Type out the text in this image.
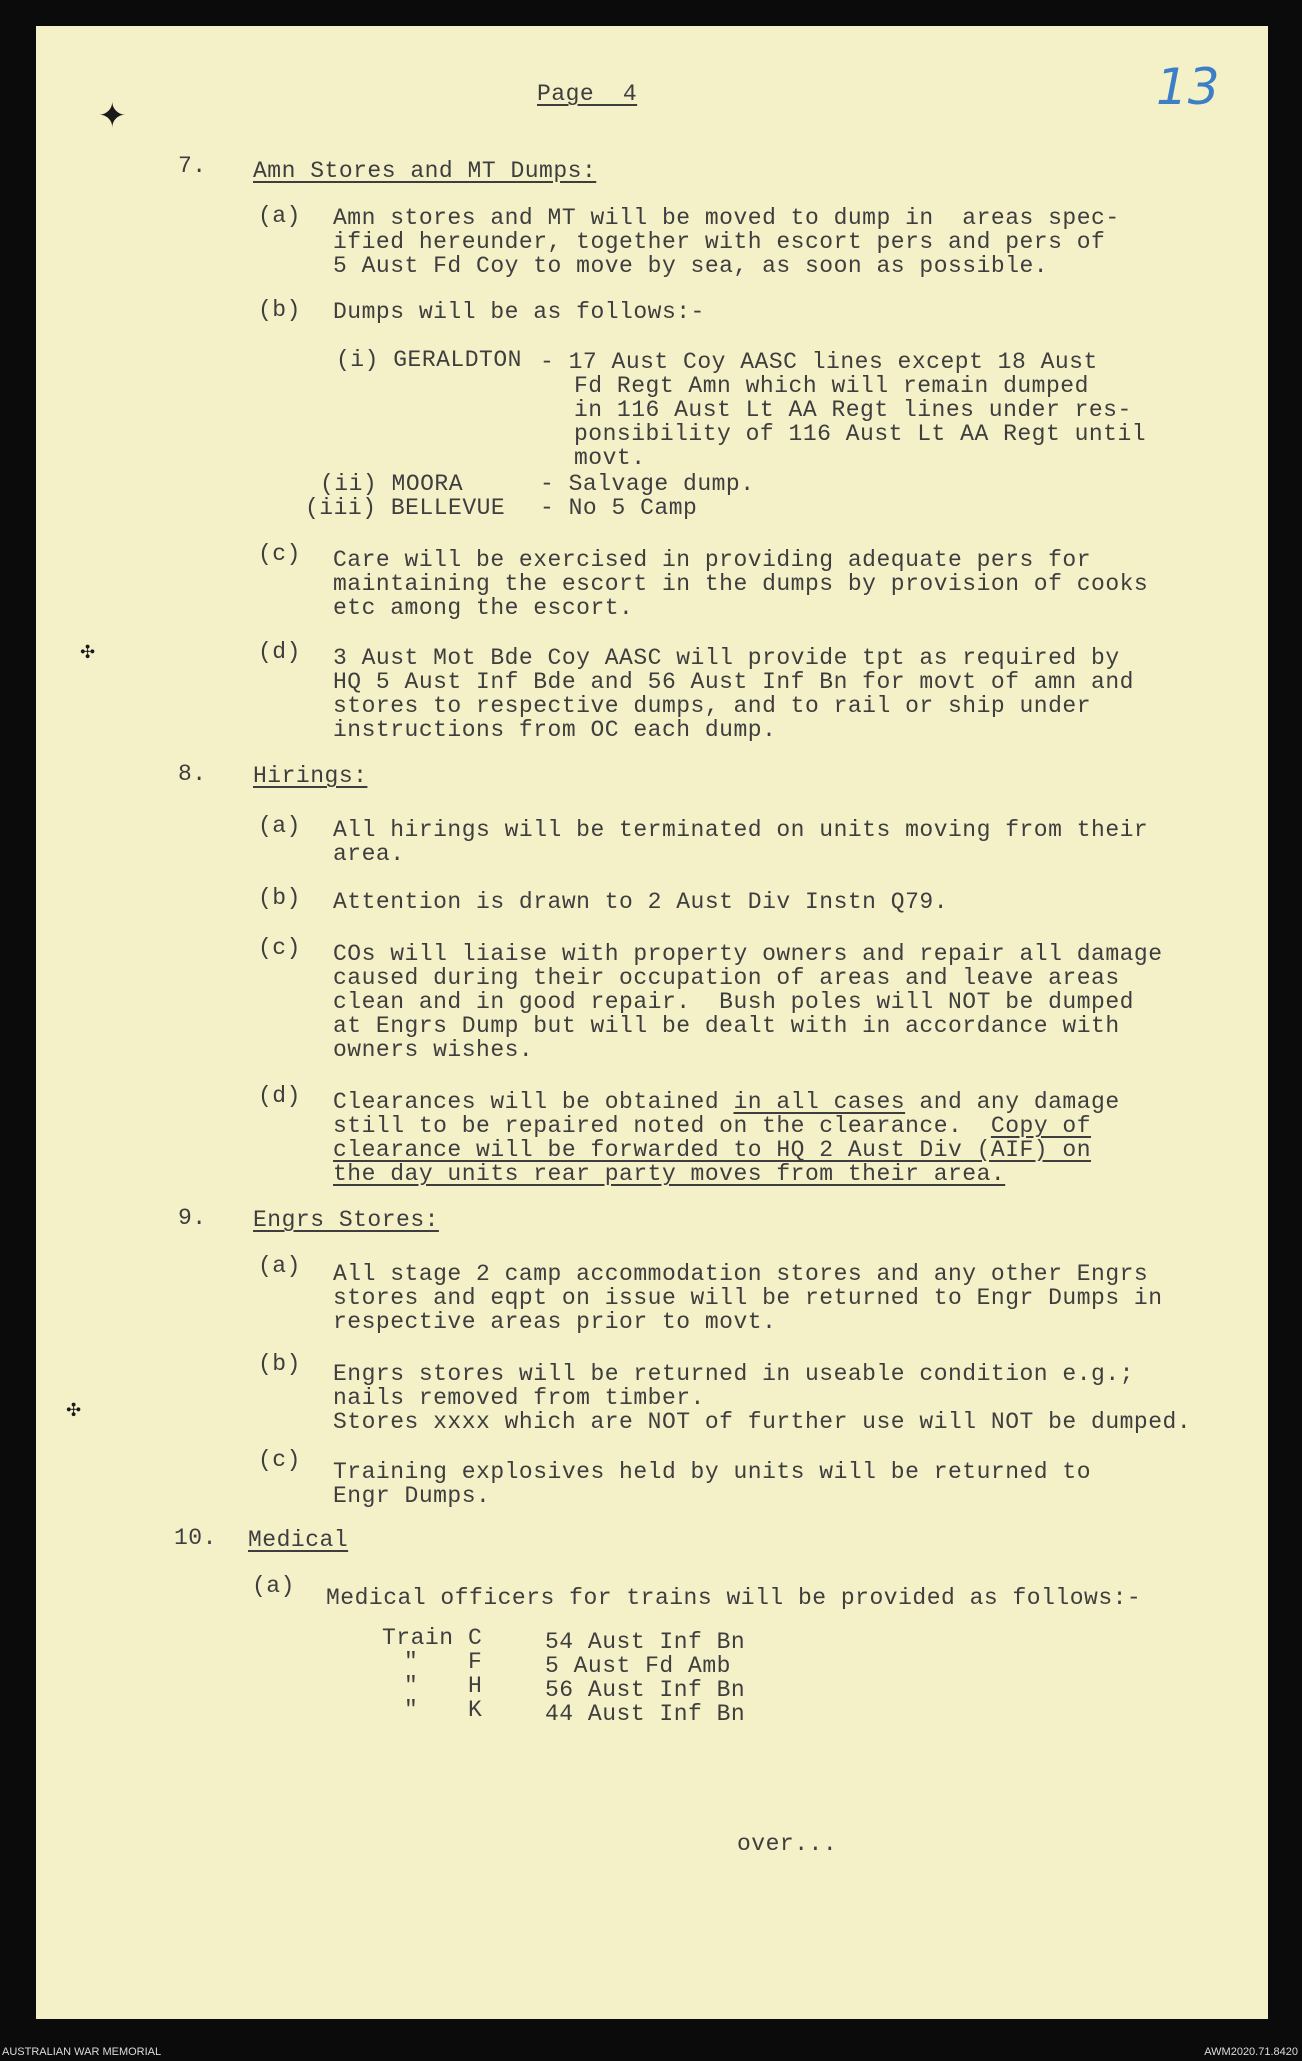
✦
✣
✣
13
Page  4
7. Amn Stores and MT Dumps:
(a) Amn stores and MT will be moved to dump in  areas spec-
ified hereunder, together with escort pers and pers of
5 Aust Fd Coy to move by sea, as soon as possible.
(b) Dumps will be as follows:-
(i) GERALDTON - 17 Aust Coy AASC lines except 18 Aust
Fd Regt Amn which will remain dumped
in 116 Aust Lt AA Regt lines under res-
ponsibility of 116 Aust Lt AA Regt until
movt.
(ii) MOORA	- Salvage dump.
(iii) BELLEVUE - No 5 Camp
(c) Care will be exercised in providing adequate pers for
maintaining the escort in the dumps by provision of cooks
etc among the escort.
(d) 3 Aust Mot Bde Coy AASC will provide tpt as required by
HQ 5 Aust Inf Bde and 56 Aust Inf Bn for movt of amn and
stores to respective dumps, and to rail or ship under
instructions from OC each dump.
8. Hirings:
(a) All hirings will be terminated on units moving from their
area.
(b) Attention is drawn to 2 Aust Div Instn Q79.
(c) COs will liaise with property owners and repair all damage
caused during their occupation of areas and leave areas
clean and in good repair.  Bush poles will NOT be dumped
at Engrs Dump but will be dealt with in accordance with
owners wishes.
(d) Clearances will be obtained in all cases and any damage
still to be repaired noted on the clearance.  Copy of
clearance will be forwarded to HQ 2 Aust Div (AIF) on
the day units rear party moves from their area.
9. Engrs Stores:
(a) All stage 2 camp accommodation stores and any other Engrs
stores and eqpt on issue will be returned to Engr Dumps in
respective areas prior to movt.
(b) Engrs stores will be returned in useable condition e.g.;
nails removed from timber.
Stores xxxx which are NOT of further use will NOT be dumped.
(c) Training explosives held by units will be returned to
Engr Dumps.
10. Medical
(a) Medical officers for trains will be provided as follows:-
Train C	54 Aust Inf Bn
" F	5 Aust Fd Amb
" H	56 Aust Inf Bn
" K	44 Aust Inf Bn
over...
AUSTRALIAN WAR MEMORIAL	AWM2020.71.8420
